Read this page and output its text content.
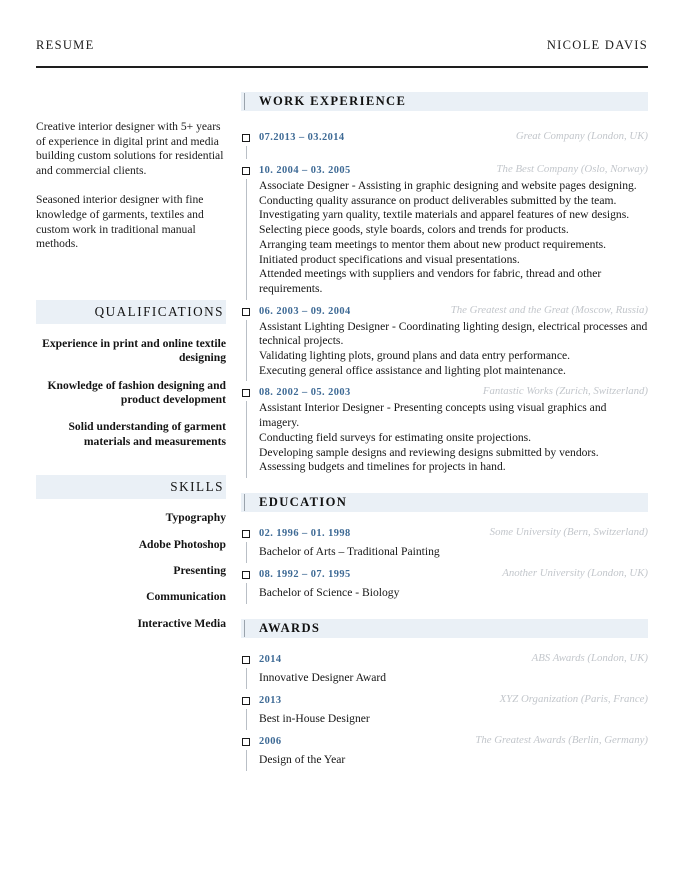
RESUME	NICOLE DAVIS

Creative interior designer with 5+ years of experience in digital print and media building custom solutions for residential and commercial clients.

Seasoned interior designer with fine knowledge of garments, textiles and custom work in traditional manual methods.

QUALIFICATIONS
Experience in print and online textile designing
Knowledge of fashion designing and product development
Solid understanding of garment materials and measurements
SKILLS
Typography
Adobe Photoshop
Presenting
Communication
Interactive Media
WORK EXPERIENCE
07.2013 – 03.2014	Great Company (London, UK)
10. 2004 – 03. 2005	The Best Company (Oslo, Norway)
Associate Designer - Assisting in graphic designing and website pages designing.
Conducting quality assurance on product deliverables submitted by the team.
Investigating yarn quality, textile materials and apparel features of new designs.
Selecting piece goods, style boards, colors and trends for products.
Arranging team meetings to mentor them about new product requirements.
Initiated product specifications and visual presentations.
Attended meetings with suppliers and vendors for fabric, thread and other requirements.
06. 2003 – 09. 2004	The Greatest and the Great (Moscow, Russia)
Assistant Lighting Designer - Coordinating lighting design, electrical processes and technical projects.
Validating lighting plots, ground plans and data entry performance.
Executing general office assistance and lighting plot maintenance.
08. 2002 – 05. 2003	Fantastic Works (Zurich, Switzerland)
Assistant Interior Designer - Presenting concepts using visual graphics and imagery.
Conducting field surveys for estimating onsite projections.
Developing sample designs and reviewing designs submitted by vendors.
Assessing budgets and timelines for projects in hand.
EDUCATION
02. 1996 – 01. 1998	Some University (Bern, Switzerland)
Bachelor of Arts – Traditional Painting
08. 1992 – 07. 1995	Another University (London, UK)
Bachelor of Science - Biology
AWARDS
2014	ABS Awards (London, UK)
Innovative Designer Award
2013	XYZ Organization (Paris, France)
Best in-House Designer
2006	The Greatest Awards (Berlin, Germany)
Design of the Year
